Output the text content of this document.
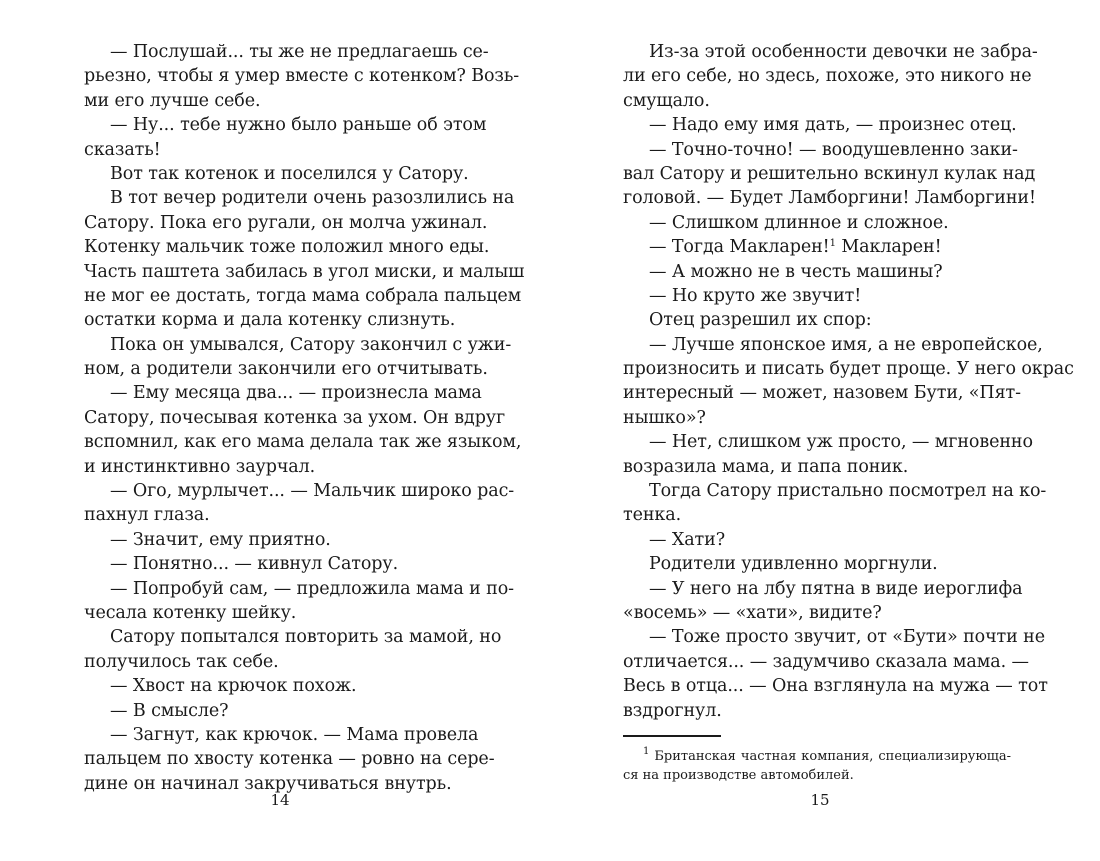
— Послушай... ты же не предлагаешь се-
рьезно, чтобы я умер вместе с котенком? Возь-
ми его лучше себе.
— Ну... тебе нужно было раньше об этом
сказать!
Вот так котенок и поселился у Сатору.
В тот вечер родители очень разозлились на
Сатору. Пока его ругали, он молча ужинал.
Котенку мальчик тоже положил много еды.
Часть паштета забилась в угол миски, и малыш
не мог ее достать, тогда мама собрала пальцем
остатки корма и дала котенку слизнуть.
Пока он умывался, Сатору закончил с ужи-
ном, а родители закончили его отчитывать.
— Ему месяца два... — произнесла мама
Сатору, почесывая котенка за ухом. Он вдруг
вспомнил, как его мама делала так же языком,
и инстинктивно заурчал.
— Ого, мурлычет... — Мальчик широко рас-
пахнул глаза.
— Значит, ему приятно.
— Понятно... — кивнул Сатору.
— Попробуй сам, — предложила мама и по-
чесала котенку шейку.
Сатору попытался повторить за мамой, но
получилось так себе.
— Хвост на крючок похож.
— В смысле?
— Загнут, как крючок. — Мама провела
пальцем по хвосту котенка — ровно на сере-
дине он начинал закручиваться внутрь.
14
Из-за этой особенности девочки не забра-
ли его себе, но здесь, похоже, это никого не
смущало.
— Надо ему имя дать, — произнес отец.
— Точно-точно! — воодушевленно заки-
вал Сатору и решительно вскинул кулак над
головой. — Будет Ламборгини! Ламборгини!
— Слишком длинное и сложное.
— Тогда Макларен!$^1$ Макларен!
— А можно не в честь машины?
— Но круто же звучит!
Отец разрешил их спор:
— Лучше японское имя, а не европейское,
произносить и писать будет проще. У него окрас
интересный — может, назовем Бути, «Пят-
нышко»?
— Нет, слишком уж просто, — мгновенно
возразила мама, и папа поник.
Тогда Сатору пристально посмотрел на ко-
тенка.
— Хати?
Родители удивленно моргнули.
— У него на лбу пятна в виде иероглифа
«восемь» — «хати», видите?
— Тоже просто звучит, от «Бути» почти не
отличается... — задумчиво сказала мама. —
Весь в отца... — Она взглянула на мужа — тот
вздрогнул.
$^1$ Британская частная компания, специализирующа-
ся на производстве автомобилей.
15
